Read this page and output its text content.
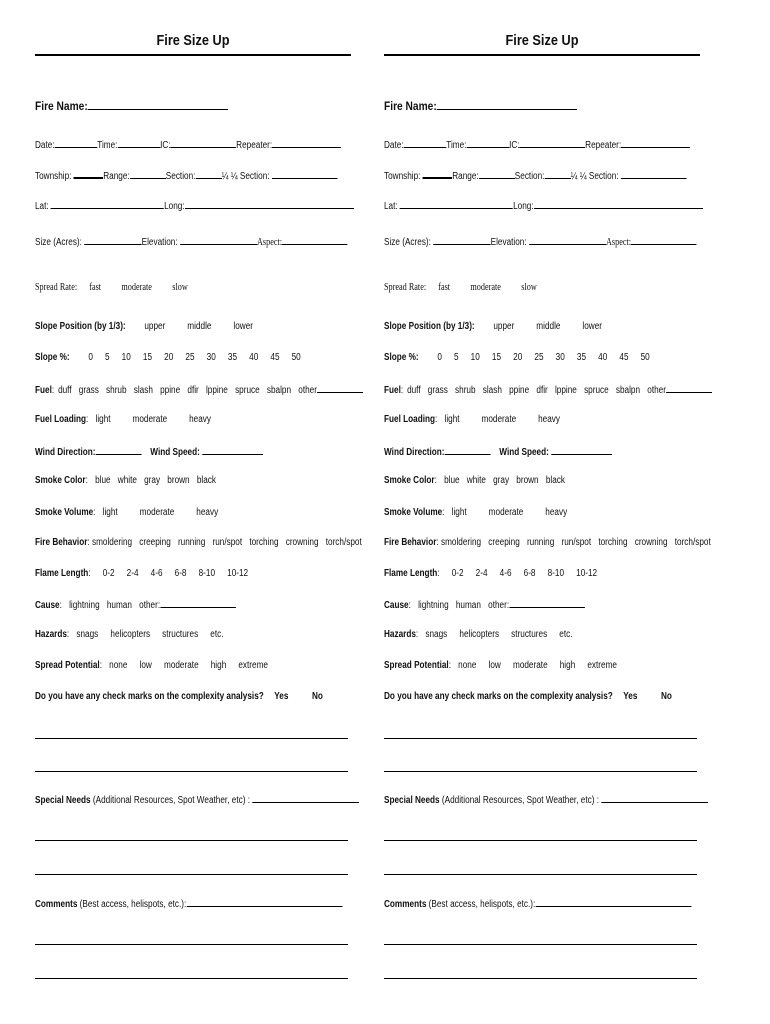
Fire Size Up
Fire Name:
Date:	Time:	IC:	Repeater:
Township:	Range:	Section:	¼ ¼ Section:
Lat:	Long:
Size (Acres):	Elevation:	Aspect:
Spread Rate: fast moderate slow
Slope Position (by 1/3): upper middle lower
Slope %: 0 5 10 15 20 25 30 35 40 45 50
Fuel: duff grass shrub slash ppine dfir lppine spruce sbalpn other
Fuel Loading: light moderate heavy
Wind Direction:	Wind Speed:
Smoke Color: blue white gray brown black
Smoke Volume: light moderate heavy
Fire Behavior: smoldering creeping running run/spot torching crowning torch/spot
Flame Length: 0-2 2-4 4-6 6-8 8-10 10-12
Cause: lightning human other:
Hazards: snags helicopters structures etc.
Spread Potential: none low moderate high extreme
Do you have any check marks on the complexity analysis? Yes No
Special Needs (Additional Resources, Spot Weather, etc) :
Comments (Best access, helispots, etc.):
Fire Size Up
Fire Name:
Date:	Time:	IC:	Repeater:
Township:	Range:	Section:	¼ ¼ Section:
Lat:	Long:
Size (Acres):	Elevation:	Aspect:
Spread Rate: fast moderate slow
Slope Position (by 1/3): upper middle lower
Slope %: 0 5 10 15 20 25 30 35 40 45 50
Fuel: duff grass shrub slash ppine dfir lppine spruce sbalpn other
Fuel Loading: light moderate heavy
Wind Direction:	Wind Speed:
Smoke Color: blue white gray brown black
Smoke Volume: light moderate heavy
Fire Behavior: smoldering creeping running run/spot torching crowning torch/spot
Flame Length: 0-2 2-4 4-6 6-8 8-10 10-12
Cause: lightning human other:
Hazards: snags helicopters structures etc.
Spread Potential: none low moderate high extreme
Do you have any check marks on the complexity analysis? Yes No
Special Needs (Additional Resources, Spot Weather, etc) :
Comments (Best access, helispots, etc.):
